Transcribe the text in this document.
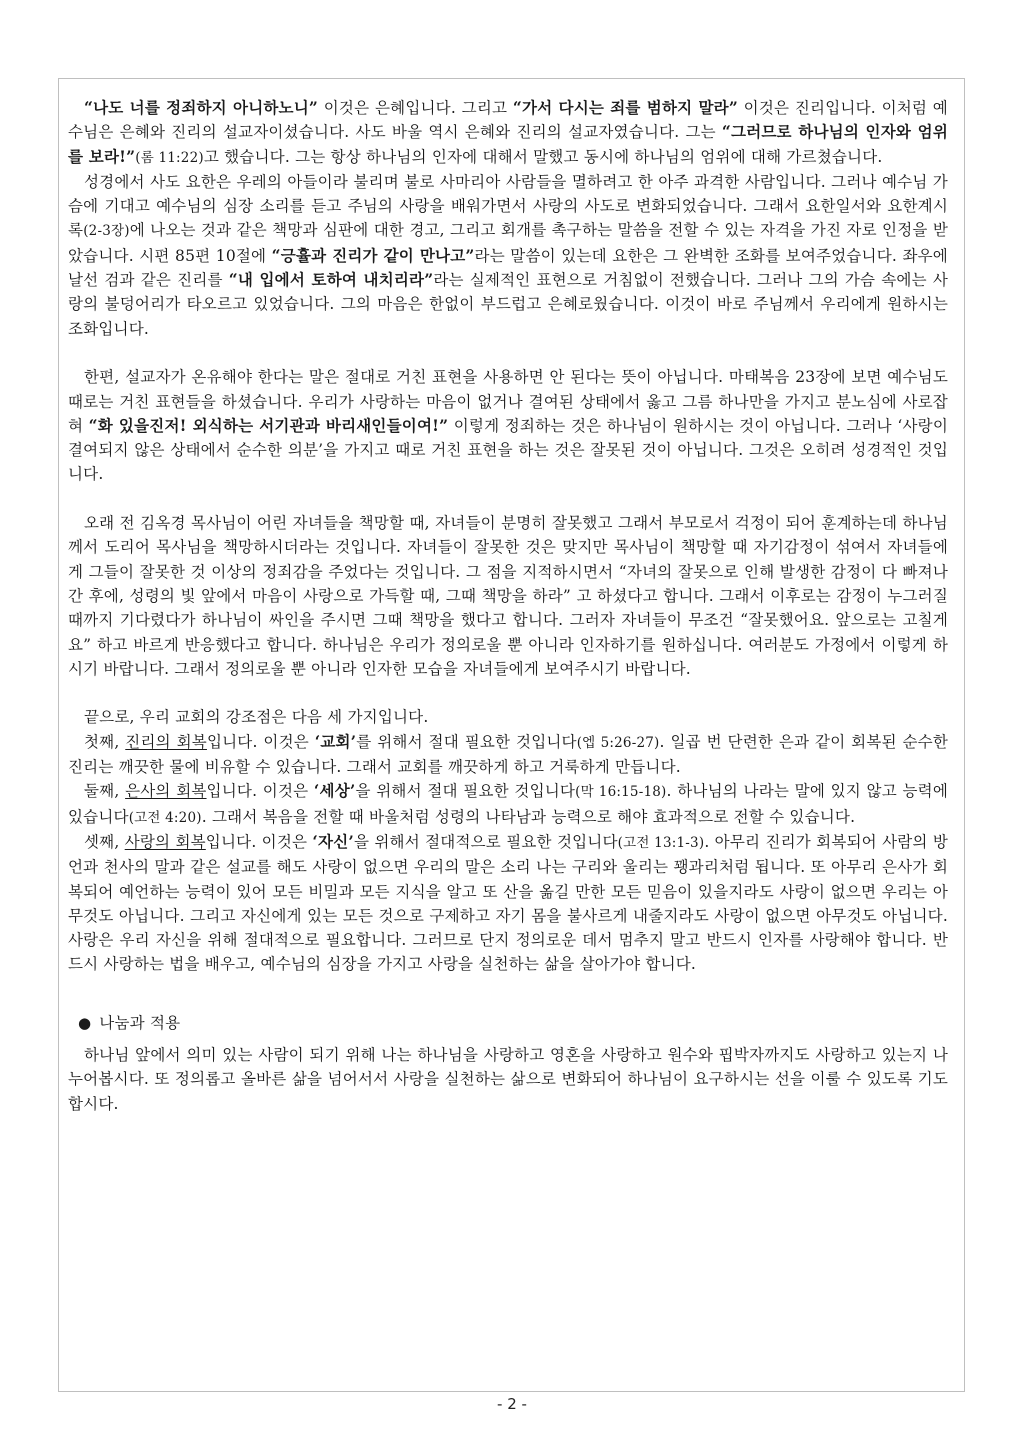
“나도 너를 정죄하지 아니하노니” 이것은 은혜입니다. 그리고 “가서 다시는 죄를 범하지 말라” 이것은 진리입니다. 이처럼 예수님은 은혜와 진리의 설교자이셨습니다. 사도 바울 역시 은혜와 진리의 설교자였습니다. 그는 “그러므로 하나님의 인자와 엄위를 보라!”(롬 11:22)고 했습니다. 그는 항상 하나님의 인자에 대해서 말했고 동시에 하나님의 엄위에 대해 가르쳤습니다.

성경에서 사도 요한은 우레의 아들이라 불리며 불로 사마리아 사람들을 멸하려고 한 아주 과격한 사람입니다. 그러나 예수님 가슴에 기대고 예수님의 심장 소리를 듣고 주님의 사랑을 배워가면서 사랑의 사도로 변화되었습니다. 그래서 요한일서와 요한계시록(2-3장)에 나오는 것과 같은 책망과 심판에 대한 경고, 그리고 회개를 촉구하는 말씀을 전할 수 있는 자격을 가진 자로 인정을 받았습니다. 시편 85편 10절에 “긍휼과 진리가 같이 만나고”라는 말씀이 있는데 요한은 그 완벽한 조화를 보여주었습니다. 좌우에 날선 검과 같은 진리를 “내 입에서 토하여 내치리라”라는 실제적인 표현으로 거침없이 전했습니다. 그러나 그의 가슴 속에는 사랑의 불덩어리가 타오르고 있었습니다. 그의 마음은 한없이 부드럽고 은혜로웠습니다. 이것이 바로 주님께서 우리에게 원하시는 조화입니다.

한편, 설교자가 온유해야 한다는 말은 절대로 거친 표현을 사용하면 안 된다는 뜻이 아닙니다. 마태복음 23장에 보면 예수님도 때로는 거친 표현들을 하셨습니다. 우리가 사랑하는 마음이 없거나 결여된 상태에서 옳고 그름 하나만을 가지고 분노심에 사로잡혀 “화 있을진저! 외식하는 서기관과 바리새인들이여!” 이렇게 정죄하는 것은 하나님이 원하시는 것이 아닙니다. 그러나 ‘사랑이 결여되지 않은 상태에서 순수한 의분’을 가지고 때로 거친 표현을 하는 것은 잘못된 것이 아닙니다. 그것은 오히려 성경적인 것입니다.

오래 전 김옥경 목사님이 어린 자녀들을 책망할 때, 자녀들이 분명히 잘못했고 그래서 부모로서 걱정이 되어 훈계하는데 하나님께서 도리어 목사님을 책망하시더라는 것입니다. 자녀들이 잘못한 것은 맞지만 목사님이 책망할 때 자기감정이 섞여서 자녀들에게 그들이 잘못한 것 이상의 정죄감을 주었다는 것입니다. 그 점을 지적하시면서 “자녀의 잘못으로 인해 발생한 감정이 다 빠져나간 후에, 성령의 빛 앞에서 마음이 사랑으로 가득할 때, 그때 책망을 하라” 고 하셨다고 합니다. 그래서 이후로는 감정이 누그러질 때까지 기다렸다가 하나님이 싸인을 주시면 그때 책망을 했다고 합니다. 그러자 자녀들이 무조건 “잘못했어요. 앞으로는 고칠게요” 하고 바르게 반응했다고 합니다. 하나님은 우리가 정의로울 뿐 아니라 인자하기를 원하십니다. 여러분도 가정에서 이렇게 하시기 바랍니다. 그래서 정의로울 뿐 아니라 인자한 모습을 자녀들에게 보여주시기 바랍니다.

끝으로, 우리 교회의 강조점은 다음 세 가지입니다.

첫째, 진리의 회복입니다. 이것은 ‘교회’를 위해서 절대 필요한 것입니다(엡 5:26-27). 일곱 번 단련한 은과 같이 회복된 순수한 진리는 깨끗한 물에 비유할 수 있습니다. 그래서 교회를 깨끗하게 하고 거룩하게 만듭니다.

둘째, 은사의 회복입니다. 이것은 ‘세상’을 위해서 절대 필요한 것입니다(막 16:15-18). 하나님의 나라는 말에 있지 않고 능력에 있습니다(고전 4:20). 그래서 복음을 전할 때 바울처럼 성령의 나타남과 능력으로 해야 효과적으로 전할 수 있습니다.

셋째, 사랑의 회복입니다. 이것은 ‘자신’을 위해서 절대적으로 필요한 것입니다(고전 13:1-3). 아무리 진리가 회복되어 사람의 방언과 천사의 말과 같은 설교를 해도 사랑이 없으면 우리의 말은 소리 나는 구리와 울리는 꽹과리처럼 됩니다. 또 아무리 은사가 회복되어 예언하는 능력이 있어 모든 비밀과 모든 지식을 알고 또 산을 옮길 만한 모든 믿음이 있을지라도 사랑이 없으면 우리는 아무것도 아닙니다. 그리고 자신에게 있는 모든 것으로 구제하고 자기 몸을 불사르게 내줄지라도 사랑이 없으면 아무것도 아닙니다. 사랑은 우리 자신을 위해 절대적으로 필요합니다. 그러므로 단지 정의로운 데서 멈추지 말고 반드시 인자를 사랑해야 합니다. 반드시 사랑하는 법을 배우고, 예수님의 심장을 가지고 사랑을 실천하는 삶을 살아가야 합니다.

● 나눔과 적용

하나님 앞에서 의미 있는 사람이 되기 위해 나는 하나님을 사랑하고 영혼을 사랑하고 원수와 핍박자까지도 사랑하고 있는지 나누어봅시다. 또 정의롭고 올바른 삶을 넘어서서 사랑을 실천하는 삶으로 변화되어 하나님이 요구하시는 선을 이룰 수 있도록 기도합시다.

- 2 -
